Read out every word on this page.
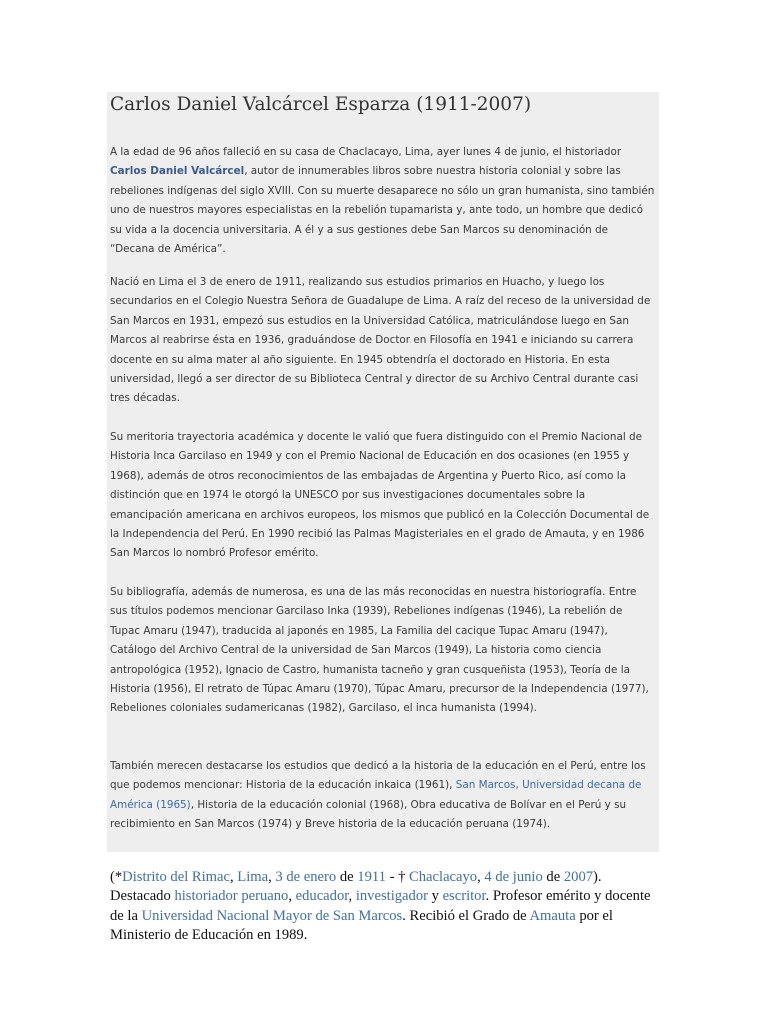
Carlos Daniel Valcárcel Esparza (1911-2007)

A la edad de 96 años falleció en su casa de Chaclacayo, Lima, ayer lunes 4 de junio, el historiador Carlos Daniel Valcárcel, autor de innumerables libros sobre nuestra historia colonial y sobre las rebeliones indígenas del siglo XVIII. Con su muerte desaparece no sólo un gran humanista, sino también uno de nuestros mayores especialistas en la rebelión tupamarista y, ante todo, un hombre que dedicó su vida a la docencia universitaria. A él y a sus gestiones debe San Marcos su denominación de “Decana de América”.

Nació en Lima el 3 de enero de 1911, realizando sus estudios primarios en Huacho, y luego los secundarios en el Colegio Nuestra Señora de Guadalupe de Lima. A raíz del receso de la universidad de San Marcos en 1931, empezó sus estudios en la Universidad Católica, matriculándose luego en San Marcos al reabrirse ésta en 1936, graduándose de Doctor en Filosofía en 1941 e iniciando su carrera docente en su alma mater al año siguiente. En 1945 obtendría el doctorado en Historia. En esta universidad, llegó a ser director de su Biblioteca Central y director de su Archivo Central durante casi tres décadas.

Su meritoria trayectoria académica y docente le valió que fuera distinguido con el Premio Nacional de Historia Inca Garcilaso en 1949 y con el Premio Nacional de Educación en dos ocasiones (en 1955 y 1968), además de otros reconocimientos de las embajadas de Argentina y Puerto Rico, así como la distinción que en 1974 le otorgó la UNESCO por sus investigaciones documentales sobre la emancipación americana en archivos europeos, los mismos que publicó en la Colección Documental de la Independencia del Perú. En 1990 recibió las Palmas Magisteriales en el grado de Amauta, y en 1986 San Marcos lo nombró Profesor emérito.

Su bibliografía, además de numerosa, es una de las más reconocidas en nuestra historiografía. Entre sus títulos podemos mencionar Garcilaso Inka (1939), Rebeliones indígenas (1946), La rebelión de Tupac Amaru (1947), traducida al japonés en 1985, La Familia del cacique Tupac Amaru (1947), Catálogo del Archivo Central de la universidad de San Marcos (1949), La historia como ciencia antropológica (1952), Ignacio de Castro, humanista tacneño y gran cusqueñista (1953), Teoría de la Historia (1956), El retrato de Túpac Amaru (1970), Túpac Amaru, precursor de la Independencia (1977), Rebeliones coloniales sudamericanas (1982), Garcilaso, el inca humanista (1994).

También merecen destacarse los estudios que dedicó a la historia de la educación en el Perú, entre los que podemos mencionar: Historia de la educación inkaica (1961), San Marcos, Universidad decana de América (1965), Historia de la educación colonial (1968), Obra educativa de Bolívar en el Perú y su recibimiento en San Marcos (1974) y Breve historia de la educación peruana (1974).

(*Distrito del Rimac, Lima, 3 de enero de 1911 - † Chaclacayo, 4 de junio de 2007). Destacado historiador peruano, educador, investigador y escritor. Profesor emérito y docente de la Universidad Nacional Mayor de San Marcos. Recibió el Grado de Amauta por el Ministerio de Educación en 1989.
